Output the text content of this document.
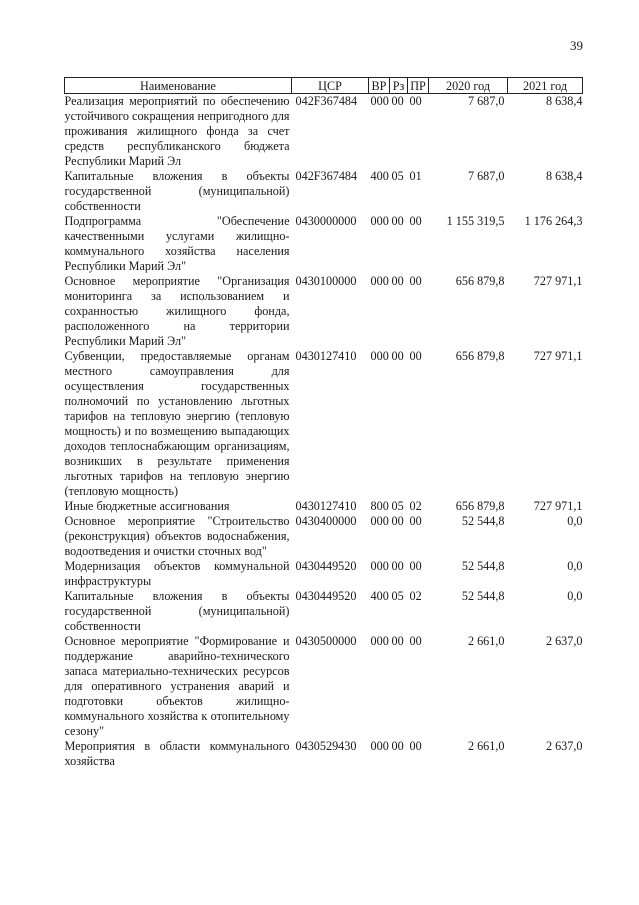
39
Наименование	ЦСР	ВР	Рз	ПР	2020 год	2021 год
Реализация мероприятий по обеспечению устойчивого сокращения непригодного для проживания жилищного фонда за счет средств республиканского бюджета Республики Марий Эл	042F367484	000	00	00	7 687,0	8 638,4
Капитальные вложения в объекты государственной (муниципальной) собственности	042F367484	400	05	01	7 687,0	8 638,4
Подпрограмма "Обеспечение качественными услугами жилищно-коммунального хозяйства населения Республики Марий Эл"	0430000000	000	00	00	1 155 319,5	1 176 264,3
Основное мероприятие "Организация мониторинга за использованием и сохранностью жилищного фонда, расположенного на территории Республики Марий Эл"	0430100000	000	00	00	656 879,8	727 971,1
Субвенции, предоставляемые органам местного самоуправления для осуществления государственных полномочий по установлению льготных тарифов на тепловую энергию (тепловую мощность) и по возмещению выпадающих доходов теплоснабжающим организациям, возникших в результате применения льготных тарифов на тепловую энергию (тепловую мощность)	0430127410	000	00	00	656 879,8	727 971,1
Иные бюджетные ассигнования	0430127410	800	05	02	656 879,8	727 971,1
Основное мероприятие "Строительство (реконструкция) объектов водоснабжения, водоотведения и очистки сточных вод"	0430400000	000	00	00	52 544,8	0,0
Модернизация объектов коммунальной инфраструктуры	0430449520	000	00	00	52 544,8	0,0
Капитальные вложения в объекты государственной (муниципальной) собственности	0430449520	400	05	02	52 544,8	0,0
Основное мероприятие "Формирование и поддержание аварийно-технического запаса материально-технических ресурсов для оперативного устранения аварий и подготовки объектов жилищно-коммунального хозяйства к отопительному сезону"	0430500000	000	00	00	2 661,0	2 637,0
Мероприятия в области коммунального хозяйства	0430529430	000	00	00	2 661,0	2 637,0
